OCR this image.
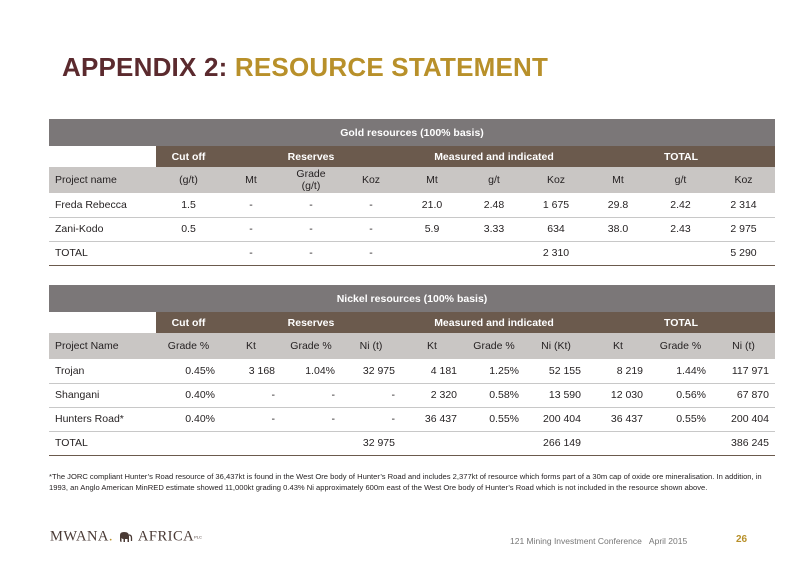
APPENDIX 2: RESOURCE STATEMENT
Gold resources (100% basis)										
	Cut off	Reserves			Measured and indicated			TOTAL		
Project name	(g/t)	Mt	Grade (g/t)	Koz	Mt	g/t	Koz	Mt	g/t	Koz
Freda Rebecca	1.5	-	-	-	21.0	2.48	1 675	29.8	2.42	2 314
Zani-Kodo	0.5	-	-	-	5.9	3.33	634	38.0	2.43	2 975
TOTAL		-	-	-			2 310			5 290
Nickel resources (100% basis)										
	Cut off	Reserves			Measured and indicated			TOTAL		
Project Name	Grade %	Kt	Grade %	Ni (t)	Kt	Grade %	Ni (Kt)	Kt	Grade %	Ni (t)
Trojan	0.45%	3 168	1.04%	32 975	4 181	1.25%	52 155	8 219	1.44%	117 971
Shangani	0.40%	-	-	-	2 320	0.58%	13 590	12 030	0.56%	67 870
Hunters Road*	0.40%	-	-	-	36 437	0.55%	200 404	36 437	0.55%	200 404
TOTAL				32 975			266 149			386 245
*The JORC compliant Hunter’s Road resource of 36,437kt is found in the West Ore body of Hunter’s Road and includes 2,377kt of resource which forms part of a 30m cap of oxide ore mineralisation. In addition, in 1993, an Anglo American MinRED estimate showed 11,000kt grading 0.43% Ni approximately 600m east of the West Ore body of Hunter’s Road which is not included in the resource shown above.
MWANA. AFRICAPLC	121 Mining Investment Conference April 2015	26
